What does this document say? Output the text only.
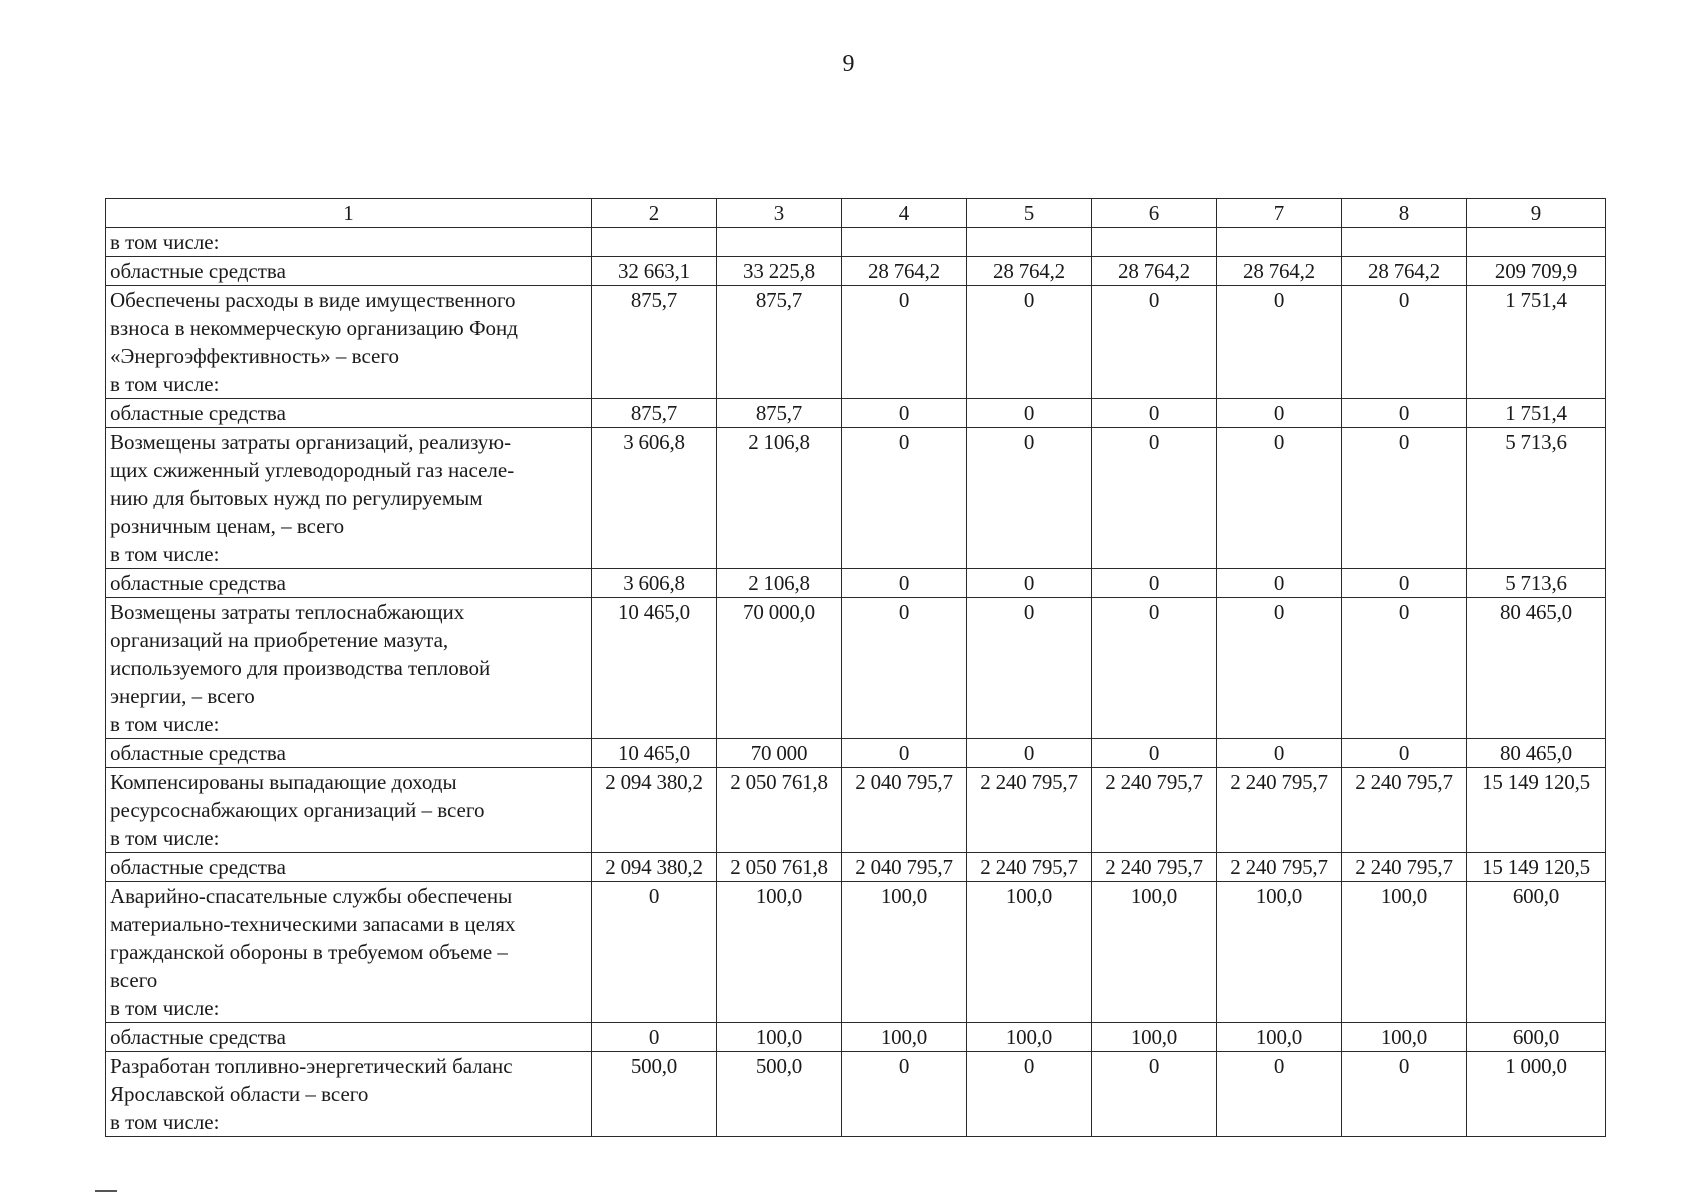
9
1	2	3	4	5	6	7	8	9
в том числе:								
областные средства	32 663,1	33 225,8	28 764,2	28 764,2	28 764,2	28 764,2	28 764,2	209 709,9
Обеспечены расходы в виде имущественного
взноса в некоммерческую организацию Фонд
«Энергоэффективность» – всего
в том числе:	875,7	875,7	0	0	0	0	0	1 751,4
областные средства	875,7	875,7	0	0	0	0	0	1 751,4
Возмещены затраты организаций, реализую-
щих сжиженный углеводородный газ населе-
нию для бытовых нужд по регулируемым
розничным ценам, – всего
в том числе:	3 606,8	2 106,8	0	0	0	0	0	5 713,6
областные средства	3 606,8	2 106,8	0	0	0	0	0	5 713,6
Возмещены затраты теплоснабжающих
организаций на приобретение мазута,
используемого для производства тепловой
энергии, – всего
в том числе:	10 465,0	70 000,0	0	0	0	0	0	80 465,0
областные средства	10 465,0	70 000	0	0	0	0	0	80 465,0
Компенсированы выпадающие доходы
ресурсоснабжающих организаций – всего
в том числе:	2 094 380,2	2 050 761,8	2 040 795,7	2 240 795,7	2 240 795,7	2 240 795,7	2 240 795,7	15 149 120,5
областные средства	2 094 380,2	2 050 761,8	2 040 795,7	2 240 795,7	2 240 795,7	2 240 795,7	2 240 795,7	15 149 120,5
Аварийно-спасательные службы обеспечены
материально-техническими запасами в целях
гражданской обороны в требуемом объеме –
всего
в том числе:	0	100,0	100,0	100,0	100,0	100,0	100,0	600,0
областные средства	0	100,0	100,0	100,0	100,0	100,0	100,0	600,0
Разработан топливно-энергетический баланс
Ярославской области – всего
в том числе:	500,0	500,0	0	0	0	0	0	1 000,0
